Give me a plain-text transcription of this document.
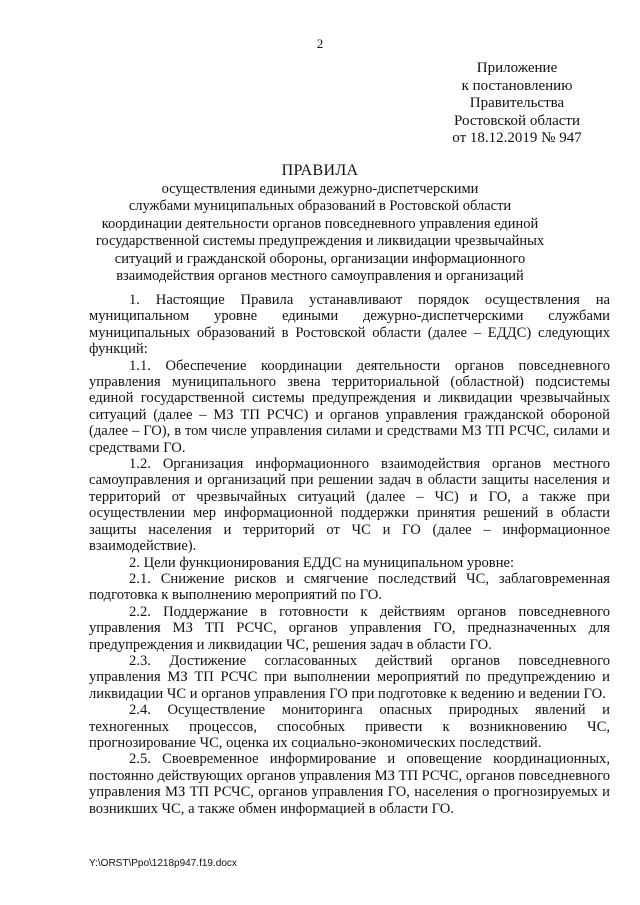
2
Приложение
к постановлению
Правительства
Ростовской области
от 18.12.2019 № 947
ПРАВИЛА
осуществления едиными дежурно-диспетчерскими
службами муниципальных образований в Ростовской области
координации деятельности органов повседневного управления единой
государственной системы предупреждения и ликвидации чрезвычайных
ситуаций и гражданской обороны, организации информационного
взаимодействия органов местного самоуправления и организаций

1. Настоящие Правила устанавливают порядок осуществления на муниципальном уровне едиными дежурно-диспетчерскими службами муниципальных образований в Ростовской области (далее – ЕДДС) следующих функций:

1.1. Обеспечение координации деятельности органов повседневного управления муниципального звена территориальной (областной) подсистемы единой государственной системы предупреждения и ликвидации чрезвычайных ситуаций (далее – МЗ ТП РСЧС) и органов управления гражданской обороной (далее – ГО), в том числе управления силами и средствами МЗ ТП РСЧС, силами и средствами ГО.

1.2. Организация информационного взаимодействия органов местного самоуправления и организаций при решении задач в области защиты населения и территорий от чрезвычайных ситуаций (далее – ЧС) и ГО, а также при осуществлении мер информационной поддержки принятия решений в области защиты населения и территорий от ЧС и ГО (далее – информационное взаимодействие).

2. Цели функционирования ЕДДС на муниципальном уровне:

2.1. Снижение рисков и смягчение последствий ЧС, заблаговременная подготовка к выполнению мероприятий по ГО.

2.2. Поддержание в готовности к действиям органов повседневного управления МЗ ТП РСЧС, органов управления ГО, предназначенных для предупреждения и ликвидации ЧС, решения задач в области ГО.

2.3. Достижение согласованных действий органов повседневного управления МЗ ТП РСЧС при выполнении мероприятий по предупреждению и ликвидации ЧС и органов управления ГО при подготовке к ведению и ведении ГО.

2.4. Осуществление мониторинга опасных природных явлений и техногенных процессов, способных привести к возникновению ЧС, прогнозирование ЧС, оценка их социально-экономических последствий.

2.5. Своевременное информирование и оповещение координационных, постоянно действующих органов управления МЗ ТП РСЧС, органов повседневного управления МЗ ТП РСЧС, органов управления ГО, населения о прогнозируемых и возникших ЧС, а также обмен информацией в области ГО.

Y:\ORST\Ppo\1218p947.f19.docx
